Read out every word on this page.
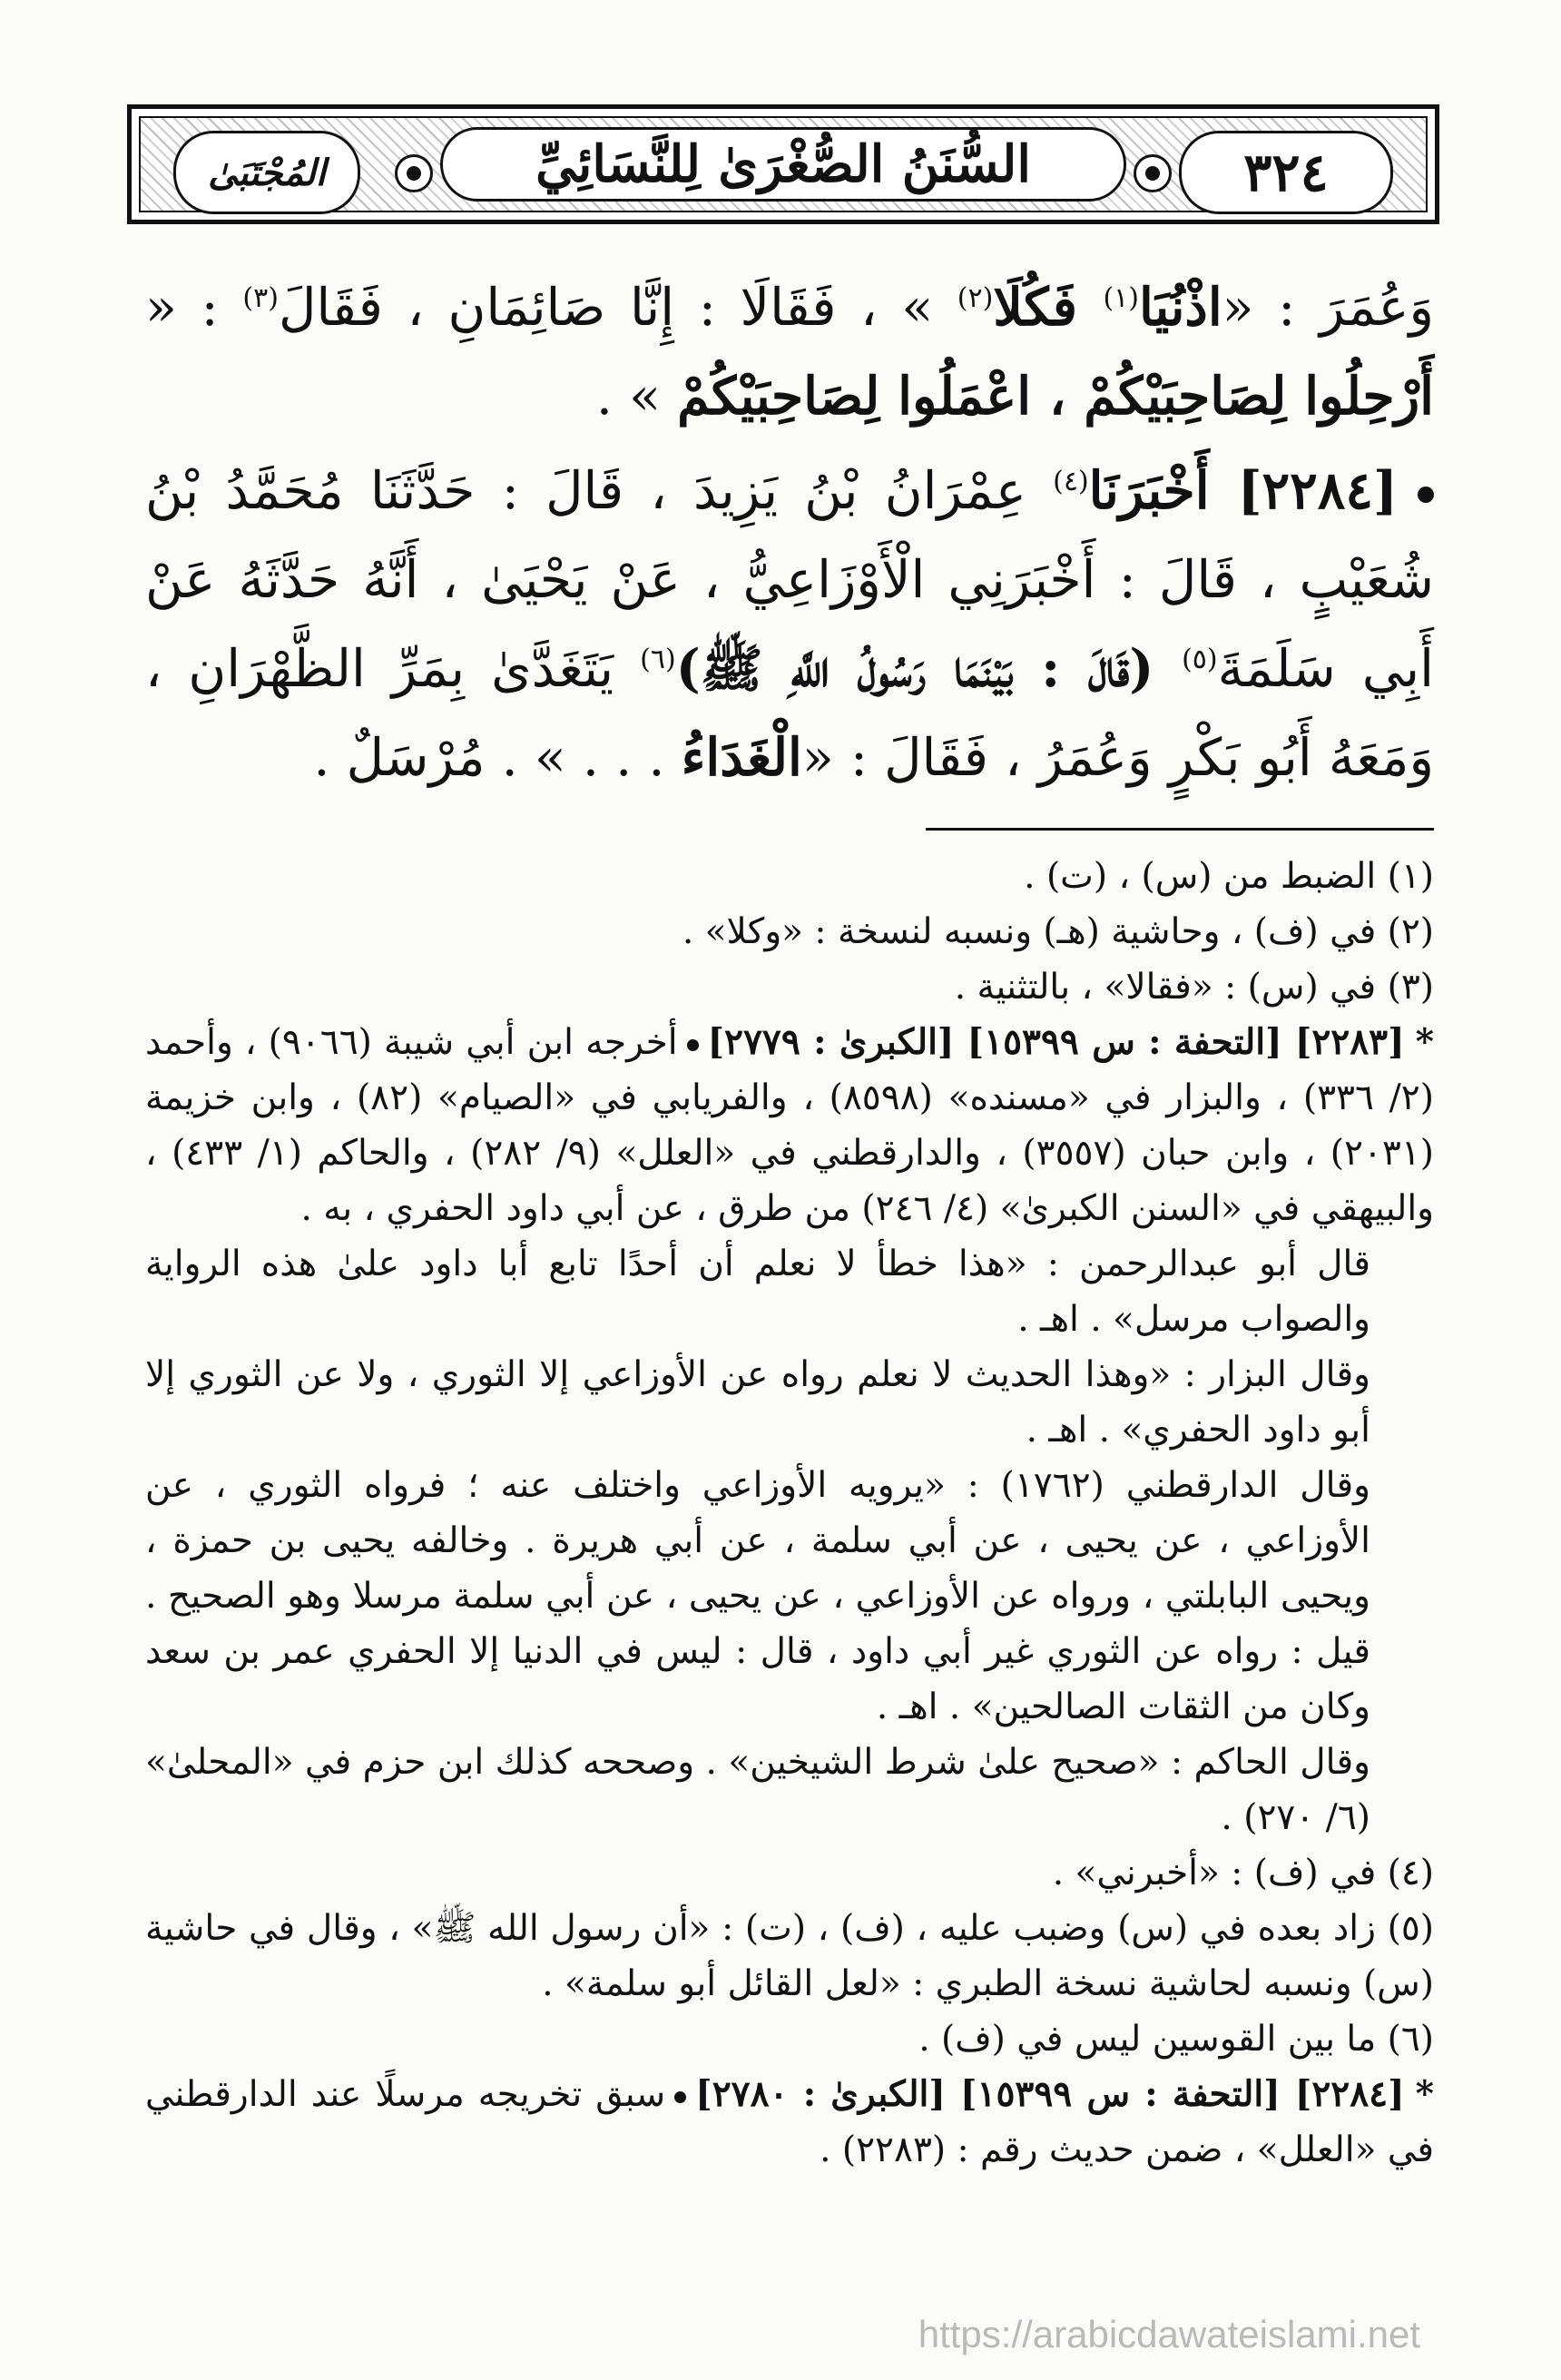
٣٢٤
السُّنَنُ الصُّغْرَىٰ لِلنَّسَائِيِّ
المُجْتَبَىٰ

وَعُمَرَ : «اذْنُيَا$^{(١)}$ فَكُلَا$^{(٢)}$ » ، فَقَالَا : إِنَّا صَائِمَانِ ، فَقَالَ$^{(٣)}$ : « أَرْحِلُوا لِصَاحِبَيْكُمْ ، اعْمَلُوا لِصَاحِبَيْكُمْ » .

[٢٢٨٤] أَخْبَرَنَا$^{(٤)}$ عِمْرَانُ بْنُ يَزِيدَ ، قَالَ : حَدَّثَنَا مُحَمَّدُ بْنُ شُعَيْبٍ ، قَالَ : أَخْبَرَنِي الْأَوْزَاعِيُّ ، عَنْ يَحْيَىٰ ، أَنَّهُ حَدَّثَهُ عَنْ أَبِي سَلَمَةَ$^{(٥)}$ (قَالَ : بَيْنَمَا رَسُولُ اللَّهِ ﷺ)$^{(٦)}$ يَتَغَدَّىٰ بِمَرِّ الظَّهْرَانِ ، وَمَعَهُ أَبُو بَكْرٍ وَعُمَرُ ، فَقَالَ : «الْغَدَاءُ . . . » . مُرْسَلٌ .

(١) الضبط من (س) ، (ت) .

(٢) في (ف) ، وحاشية (هـ) ونسبه لنسخة : «وكلا» .

(٣) في (س) : «فقالا» ، بالتثنية .

*[٢٢٨٣] [التحفة : س ١٥٣٩٩] [الكبرىٰ : ٢٧٧٩]أخرجه ابن أبي شيبة (٩٠٦٦) ، وأحمد (٢/ ٣٣٦) ، والبزار في «مسنده» (٨٥٩٨) ، والفريابي في «الصيام» (٨٢) ، وابن خزيمة (٢٠٣١) ، وابن حبان (٣٥٥٧) ، والدارقطني في «العلل» (٩/ ٢٨٢) ، والحاكم (١/ ٤٣٣) ، والبيهقي في «السنن الكبرىٰ» (٤/ ٢٤٦) من طرق ، عن أبي داود الحفري ، به .

قال أبو عبدالرحمن : «هذا خطأ لا نعلم أن أحدًا تابع أبا داود علىٰ هذه الرواية والصواب مرسل» . اهـ .

وقال البزار : «وهذا الحديث لا نعلم رواه عن الأوزاعي إلا الثوري ، ولا عن الثوري إلا أبو داود الحفري» . اهـ .

وقال الدارقطني (١٧٦٢) : «يرويه الأوزاعي واختلف عنه ؛ فرواه الثوري ، عن الأوزاعي ، عن يحيى ، عن أبي سلمة ، عن أبي هريرة . وخالفه يحيى بن حمزة ، ويحيى البابلتي ، ورواه عن الأوزاعي ، عن يحيى ، عن أبي سلمة مرسلا وهو الصحيح . قيل : رواه عن الثوري غير أبي داود ، قال : ليس في الدنيا إلا الحفري عمر بن سعد وكان من الثقات الصالحين» . اهـ .

وقال الحاكم : «صحيح علىٰ شرط الشيخين» . وصححه كذلك ابن حزم في «المحلىٰ» (٦/ ٢٧٠) .

(٤) في (ف) : «أخبرني» .

(٥) زاد بعده في (س) وضبب عليه ، (ف) ، (ت) : «أن رسول الله ﷺ» ، وقال في حاشية (س) ونسبه لحاشية نسخة الطبري : «لعل القائل أبو سلمة» .

(٦) ما بين القوسين ليس في (ف) .

*[٢٢٨٤] [التحفة : س ١٥٣٩٩] [الكبرىٰ : ٢٧٨٠]سبق تخريجه مرسلًا عند الدارقطني في «العلل» ، ضمن حديث رقم : (٢٢٨٣) .

https://arabicdawateislami.net
